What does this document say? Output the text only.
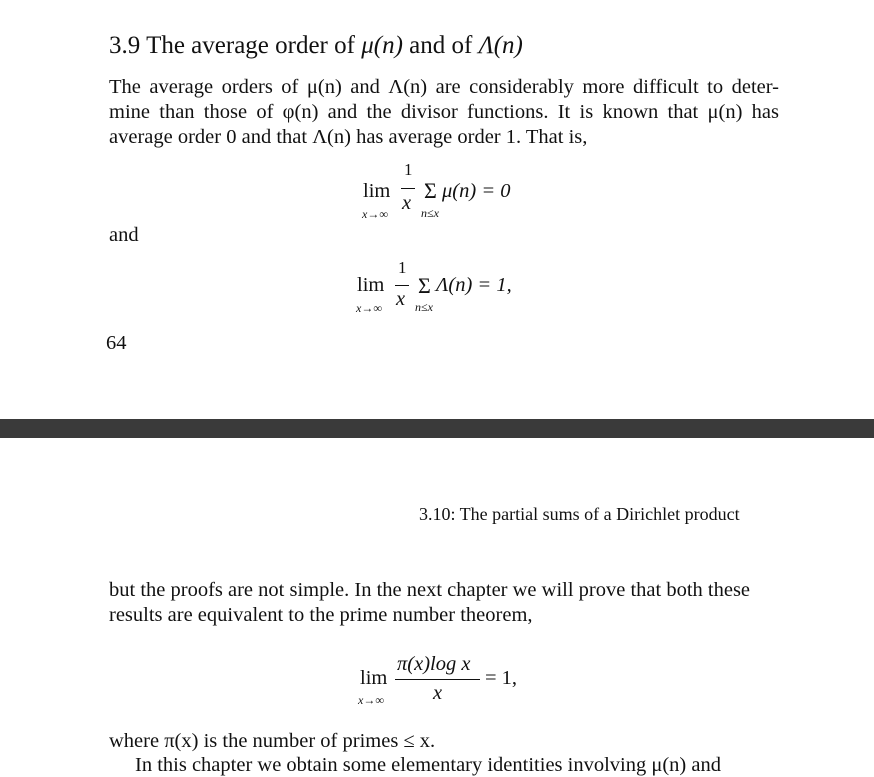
3.9 The average order of μ(n) and of Λ(n)
The average orders of μ(n) and Λ(n) are considerably more difficult to deter-
mine than those of φ(n) and the divisor functions. It is known that μ(n) has
average order 0 and that Λ(n) has average order 1. That is,
lim
x→∞
1
x Σ
n≤x
μ(n) = 0
and
lim
x→∞
1
x
Σ
n≤x
Λ(n) = 1,
64
3.10: The partial sums of a Dirichlet product
but the proofs are not simple. In the next chapter we will prove that both these
results are equivalent to the prime number theorem,
lim
x→∞
π(x)log x
x
= 1,
where π(x) is the number of primes ≤ x.
In this chapter we obtain some elementary identities involving μ(n) and
